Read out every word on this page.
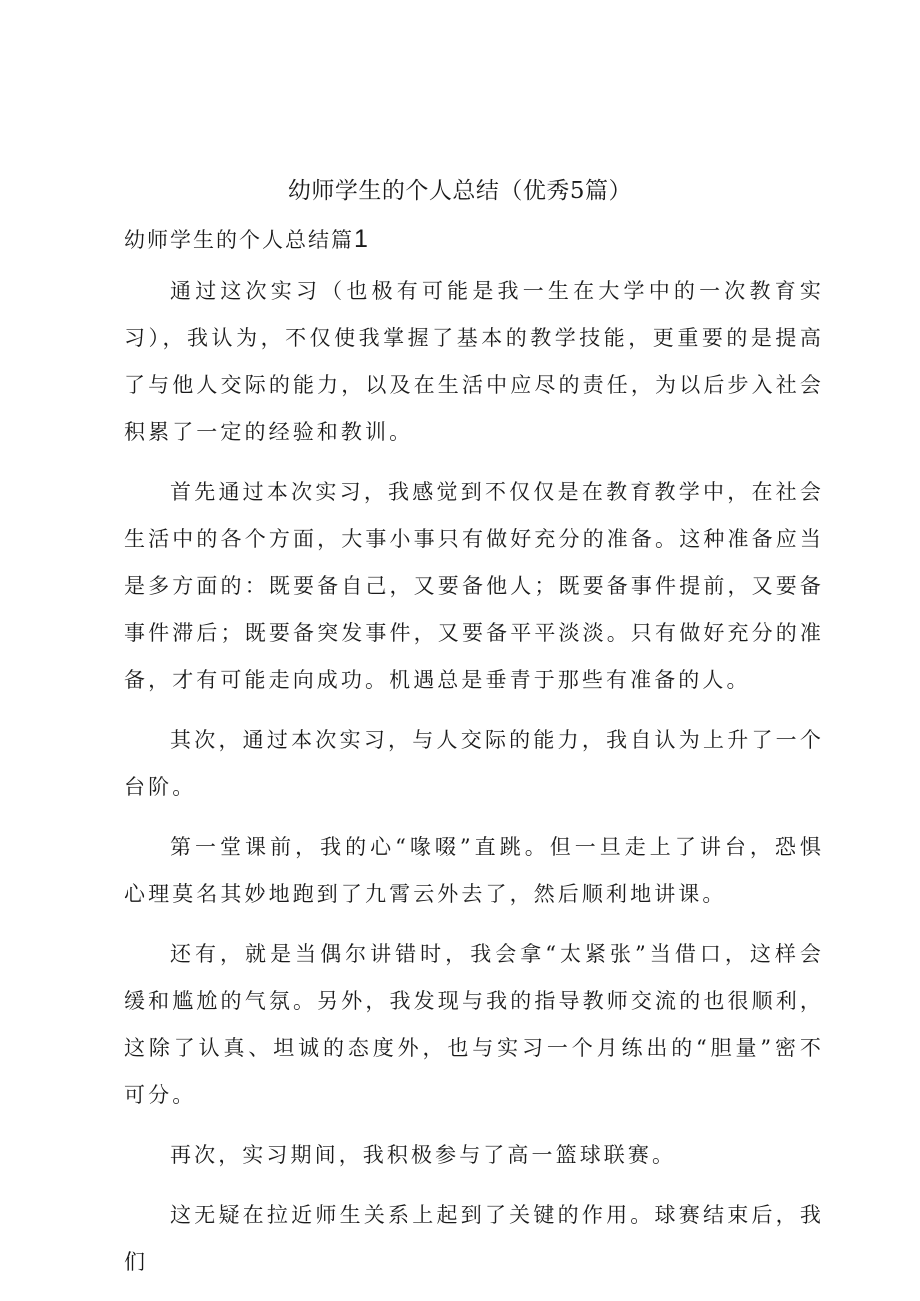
幼师学生的个人总结（优秀5篇）
幼师学生的个人总结篇1

通过这次实习（也极有可能是我一生在大学中的一次教育实习），我认为，不仅使我掌握了基本的教学技能，更重要的是提高了与他人交际的能力，以及在生活中应尽的责任，为以后步入社会积累了一定的经验和教训。

首先通过本次实习，我感觉到不仅仅是在教育教学中，在社会生活中的各个方面，大事小事只有做好充分的准备。这种准备应当是多方面的：既要备自己，又要备他人；既要备事件提前，又要备事件滞后；既要备突发事件，又要备平平淡淡。只有做好充分的准备，才有可能走向成功。机遇总是垂青于那些有准备的人。

其次，通过本次实习，与人交际的能力，我自认为上升了一个台阶。

第一堂课前，我的心“喙啜”直跳。但一旦走上了讲台，恐惧心理莫名其妙地跑到了九霄云外去了，然后顺利地讲课。

还有，就是当偶尔讲错时，我会拿“太紧张”当借口，这样会缓和尴尬的气氛。另外，我发现与我的指导教师交流的也很顺利，这除了认真、坦诚的态度外，也与实习一个月练出的“胆量”密不可分。

再次，实习期间，我积极参与了高一篮球联赛。

这无疑在拉近师生关系上起到了关键的作用。球赛结束后，我们
